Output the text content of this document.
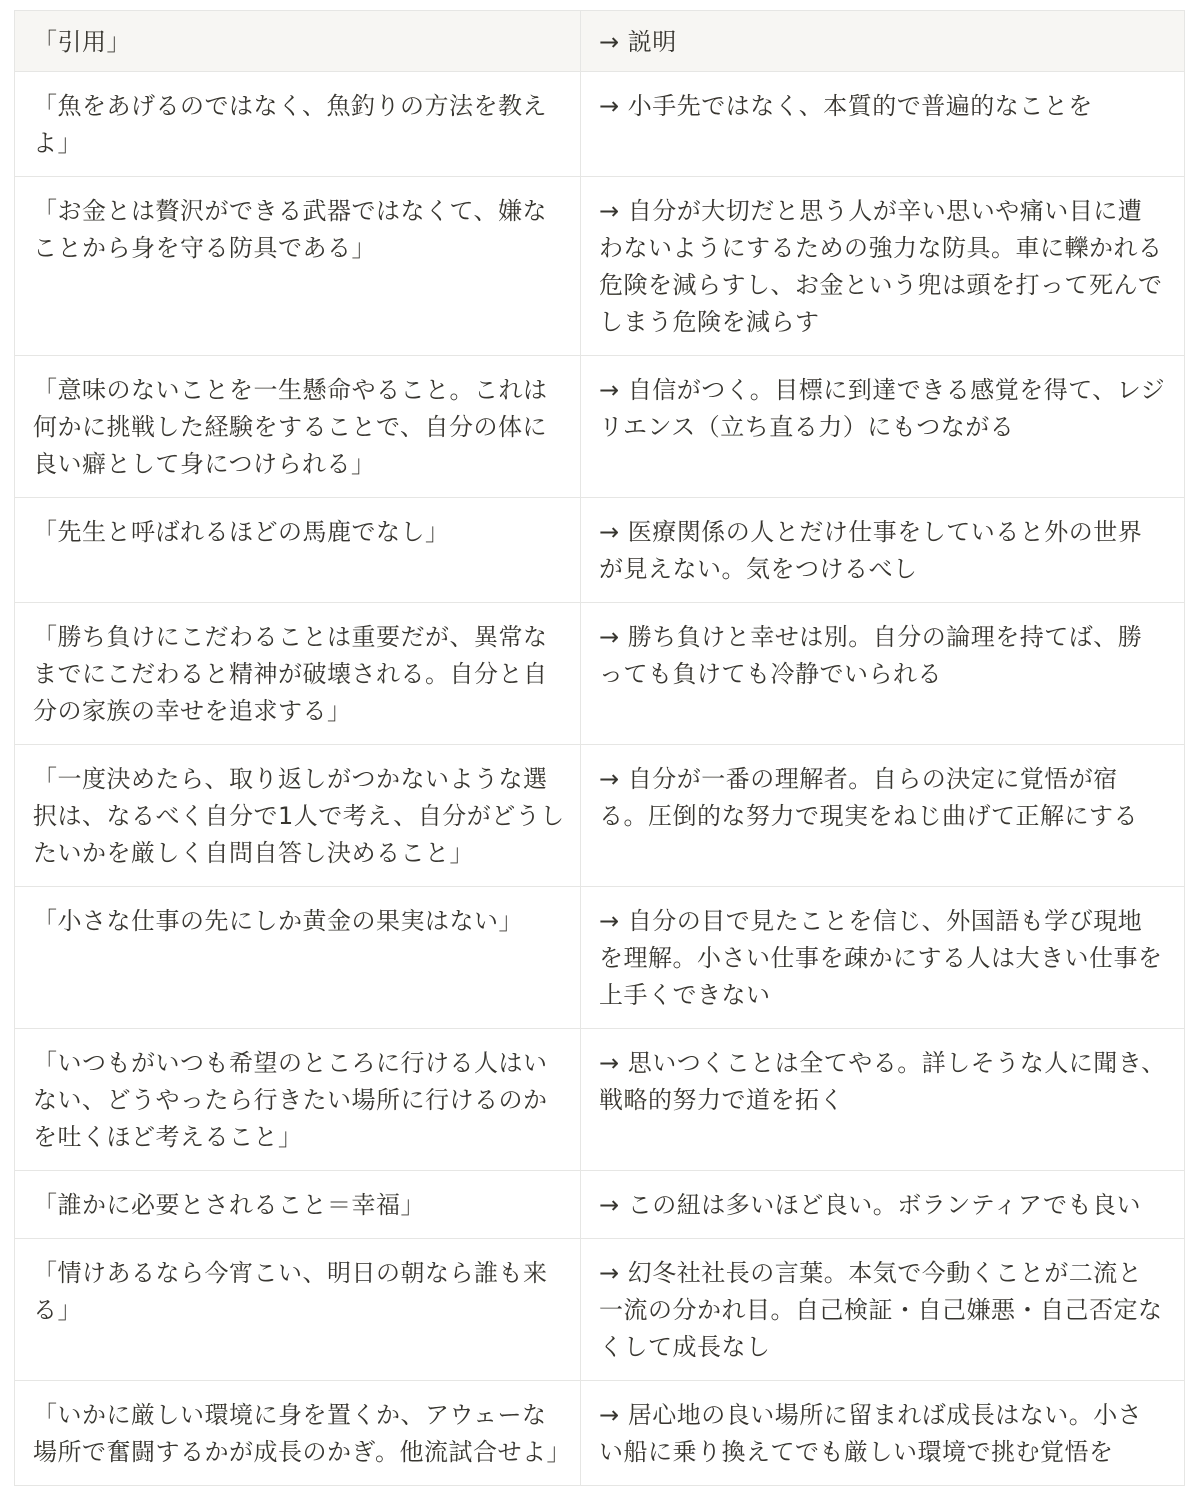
「引用」	→ 説明
「魚をあげるのではなく、魚釣りの方法を教えよ」	→ 小手先ではなく、本質的で普遍的なことを
「お金とは贅沢ができる武器ではなくて、嫌なことから身を守る防具である」	→ 自分が大切だと思う人が辛い思いや痛い目に遭わないようにするための強力な防具。車に轢かれる危険を減らすし、お金という兜は頭を打って死んでしまう危険を減らす
「意味のないことを一生懸命やること。これは何かに挑戦した経験をすることで、自分の体に良い癖として身につけられる」	→ 自信がつく。目標に到達できる感覚を得て、レジリエンス（立ち直る力）にもつながる
「先生と呼ばれるほどの馬鹿でなし」	→ 医療関係の人とだけ仕事をしていると外の世界が見えない。気をつけるべし
「勝ち負けにこだわることは重要だが、異常なまでにこだわると精神が破壊される。自分と自分の家族の幸せを追求する」	→ 勝ち負けと幸せは別。自分の論理を持てば、勝っても負けても冷静でいられる
「一度決めたら、取り返しがつかないような選択は、なるべく自分で1人で考え、自分がどうしたいかを厳しく自問自答し決めること」	→ 自分が一番の理解者。自らの決定に覚悟が宿る。圧倒的な努力で現実をねじ曲げて正解にする
「小さな仕事の先にしか黄金の果実はない」	→ 自分の目で見たことを信じ、外国語も学び現地を理解。小さい仕事を疎かにする人は大きい仕事を上手くできない
「いつもがいつも希望のところに行ける人はいない、どうやったら行きたい場所に行けるのかを吐くほど考えること」	→ 思いつくことは全てやる。詳しそうな人に聞き、戦略的努力で道を拓く
「誰かに必要とされること＝幸福」	→ この紐は多いほど良い。ボランティアでも良い
「情けあるなら今宵こい、明日の朝なら誰も来る」	→ 幻冬社社長の言葉。本気で今動くことが二流と一流の分かれ目。自己検証・自己嫌悪・自己否定なくして成長なし
「いかに厳しい環境に身を置くか、アウェーな場所で奮闘するかが成長のかぎ。他流試合せよ」	→ 居心地の良い場所に留まれば成長はない。小さい船に乗り換えてでも厳しい環境で挑む覚悟を
